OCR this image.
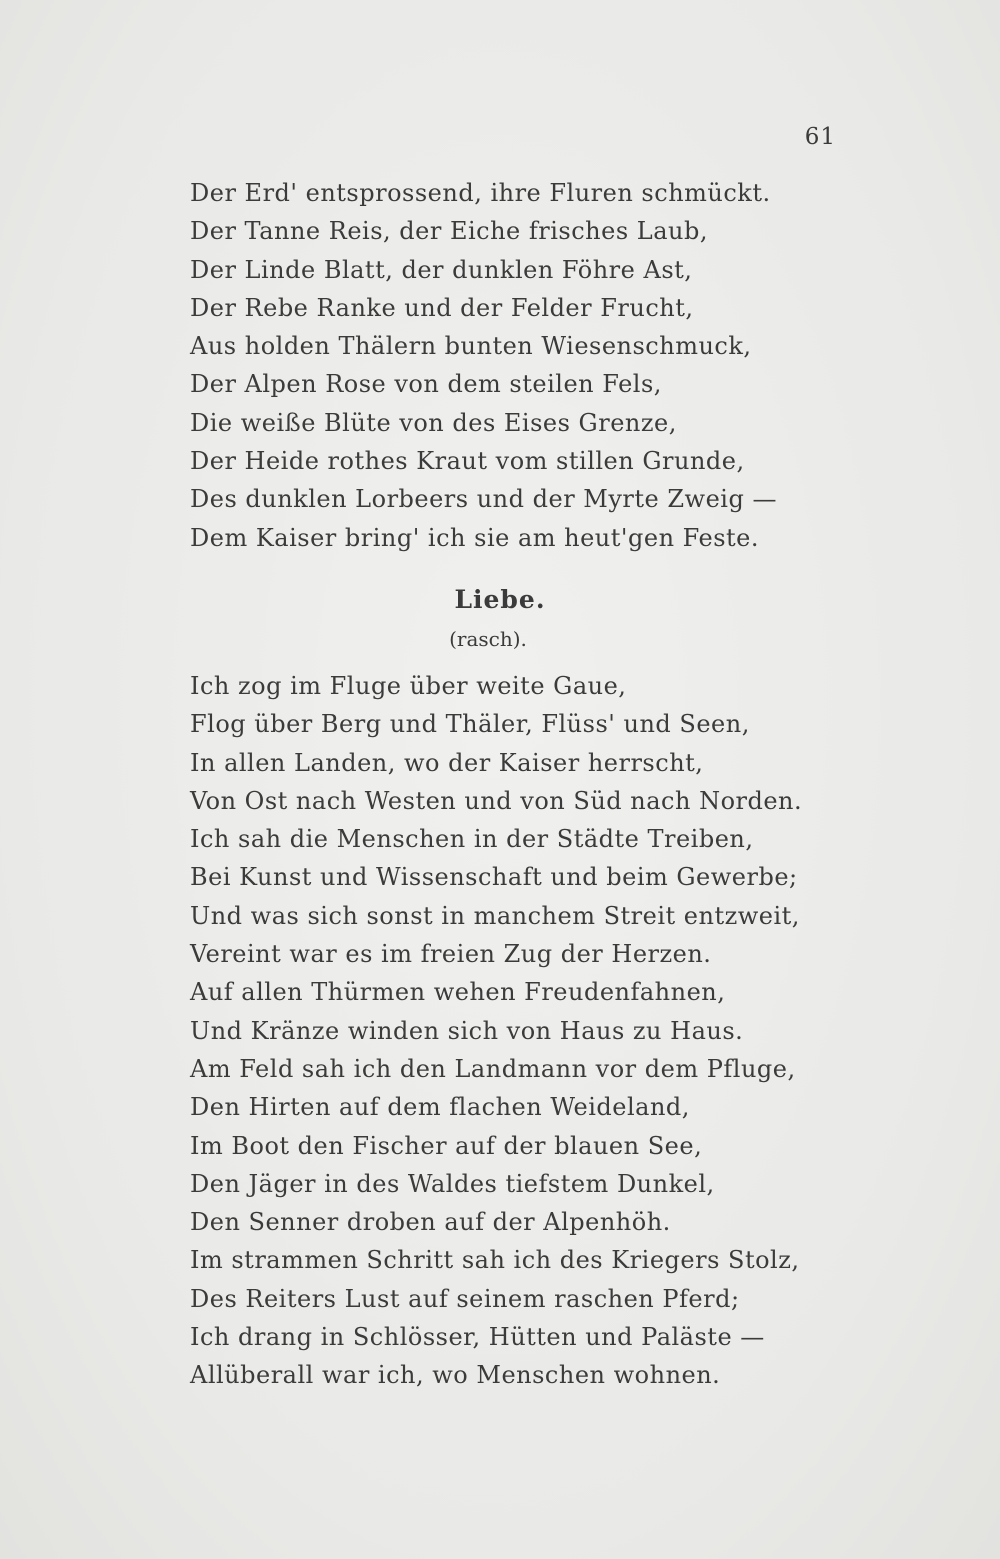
61
Der Erd' entsprossend, ihre Fluren schmückt.
Der Tanne Reis, der Eiche frisches Laub,
Der Linde Blatt, der dunklen Föhre Ast,
Der Rebe Ranke und der Felder Frucht,
Aus holden Thälern bunten Wiesenschmuck,
Der Alpen Rose von dem steilen Fels,
Die weiße Blüte von des Eises Grenze,
Der Heide rothes Kraut vom stillen Grunde,
Des dunklen Lorbeers und der Myrte Zweig —
Dem Kaiser bring' ich sie am heut'gen Feste.
Liebe.
(rasch).
Ich zog im Fluge über weite Gaue,
Flog über Berg und Thäler, Flüss' und Seen,
In allen Landen, wo der Kaiser herrscht,
Von Ost nach Westen und von Süd nach Norden.
Ich sah die Menschen in der Städte Treiben,
Bei Kunst und Wissenschaft und beim Gewerbe;
Und was sich sonst in manchem Streit entzweit,
Vereint war es im freien Zug der Herzen.
Auf allen Thürmen wehen Freudenfahnen,
Und Kränze winden sich von Haus zu Haus.
Am Feld sah ich den Landmann vor dem Pfluge,
Den Hirten auf dem flachen Weideland,
Im Boot den Fischer auf der blauen See,
Den Jäger in des Waldes tiefstem Dunkel,
Den Senner droben auf der Alpenhöh.
Im strammen Schritt sah ich des Kriegers Stolz,
Des Reiters Lust auf seinem raschen Pferd;
Ich drang in Schlösser, Hütten und Paläste —
Allüberall war ich, wo Menschen wohnen.
